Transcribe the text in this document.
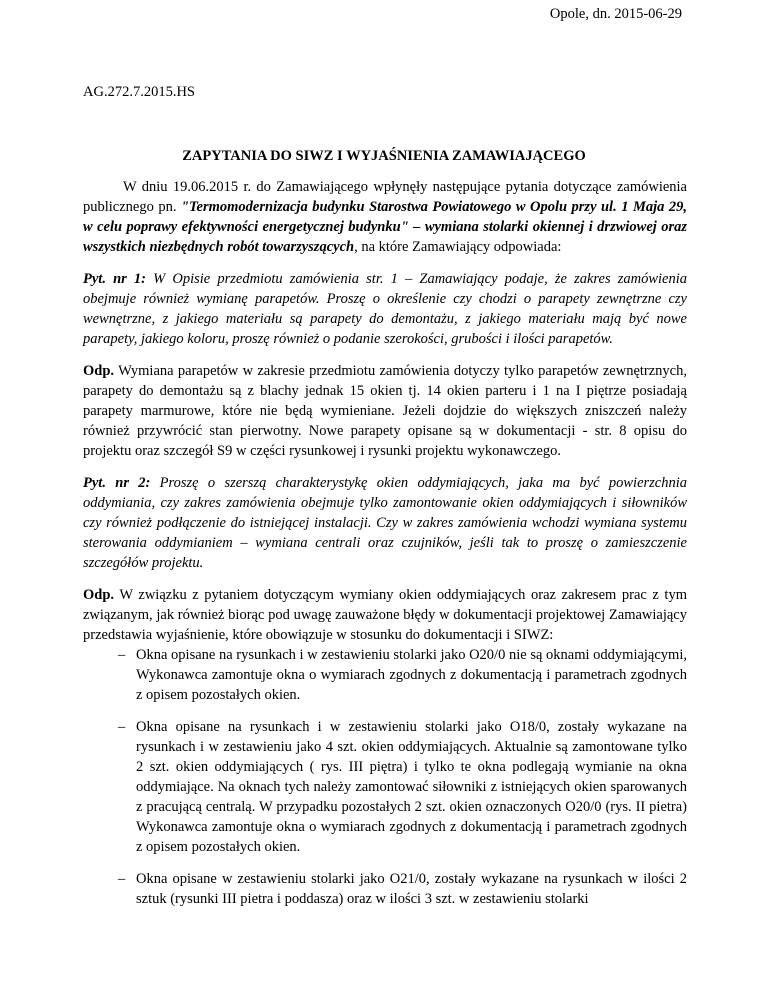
Opole, dn. 2015-06-29
AG.272.7.2015.HS
ZAPYTANIA DO SIWZ I WYJAŚNIENIA ZAMAWIAJĄCEGO

W dniu 19.06.2015 r. do Zamawiającego wpłynęły następujące pytania dotyczące zamówienia publicznego pn. "Termomodernizacja budynku Starostwa Powiatowego w Opolu przy ul. 1 Maja 29, w celu poprawy efektywności energetycznej budynku" – wymiana stolarki okiennej i drzwiowej oraz wszystkich niezbędnych robót towarzyszących, na które Zamawiający odpowiada:

Pyt. nr 1: W Opisie przedmiotu zamówienia str. 1 – Zamawiający podaje, że zakres zamówienia obejmuje również wymianę parapetów. Proszę o określenie czy chodzi o parapety zewnętrzne czy wewnętrzne, z jakiego materiału są parapety do demontażu, z jakiego materiału mają być nowe parapety, jakiego koloru, proszę również o podanie szerokości, grubości i ilości parapetów.

Odp. Wymiana parapetów w zakresie przedmiotu zamówienia dotyczy tylko parapetów zewnętrznych, parapety do demontażu są z blachy jednak 15 okien tj. 14 okien parteru i 1 na I piętrze posiadają parapety marmurowe, które nie będą wymieniane. Jeżeli dojdzie do większych zniszczeń należy również przywrócić stan pierwotny. Nowe parapety opisane są w dokumentacji - str. 8 opisu do projektu oraz szczegół S9 w części rysunkowej i rysunki projektu wykonawczego.

Pyt. nr 2: Proszę o szerszą charakterystykę okien oddymiających, jaka ma być powierzchnia oddymiania, czy zakres zamówienia obejmuje tylko zamontowanie okien oddymiających i siłowników czy również podłączenie do istniejącej instalacji. Czy w zakres zamówienia wchodzi wymiana systemu sterowania oddymianiem – wymiana centrali oraz czujników, jeśli tak to proszę o zamieszczenie szczegółów projektu.

Odp. W związku z pytaniem dotyczącym wymiany okien oddymiających oraz zakresem prac z tym związanym, jak również biorąc pod uwagę zauważone błędy w dokumentacji projektowej Zamawiający przedstawia wyjaśnienie, które obowiązuje w stosunku do dokumentacji i SIWZ:

– Okna opisane na rysunkach i w zestawieniu stolarki jako O20/0 nie są oknami oddymiającymi, Wykonawca zamontuje okna o wymiarach zgodnych z dokumentacją i parametrach zgodnych z opisem pozostałych okien.
– Okna opisane na rysunkach i w zestawieniu stolarki jako O18/0, zostały wykazane na rysunkach i w zestawieniu jako 4 szt. okien oddymiających. Aktualnie są zamontowane tylko 2 szt. okien oddymiających ( rys. III piętra) i tylko te okna podlegają wymianie na okna oddymiające. Na oknach tych należy zamontować siłowniki z istniejących okien sparowanych z pracującą centralą. W przypadku pozostałych 2 szt. okien oznaczonych O20/0 (rys. II pietra) Wykonawca zamontuje okna o wymiarach zgodnych z dokumentacją i parametrach zgodnych z opisem pozostałych okien.
– Okna opisane w zestawieniu stolarki jako O21/0, zostały wykazane na rysunkach w ilości 2 sztuk (rysunki III pietra i poddasza) oraz w ilości 3 szt. w zestawieniu stolarki
